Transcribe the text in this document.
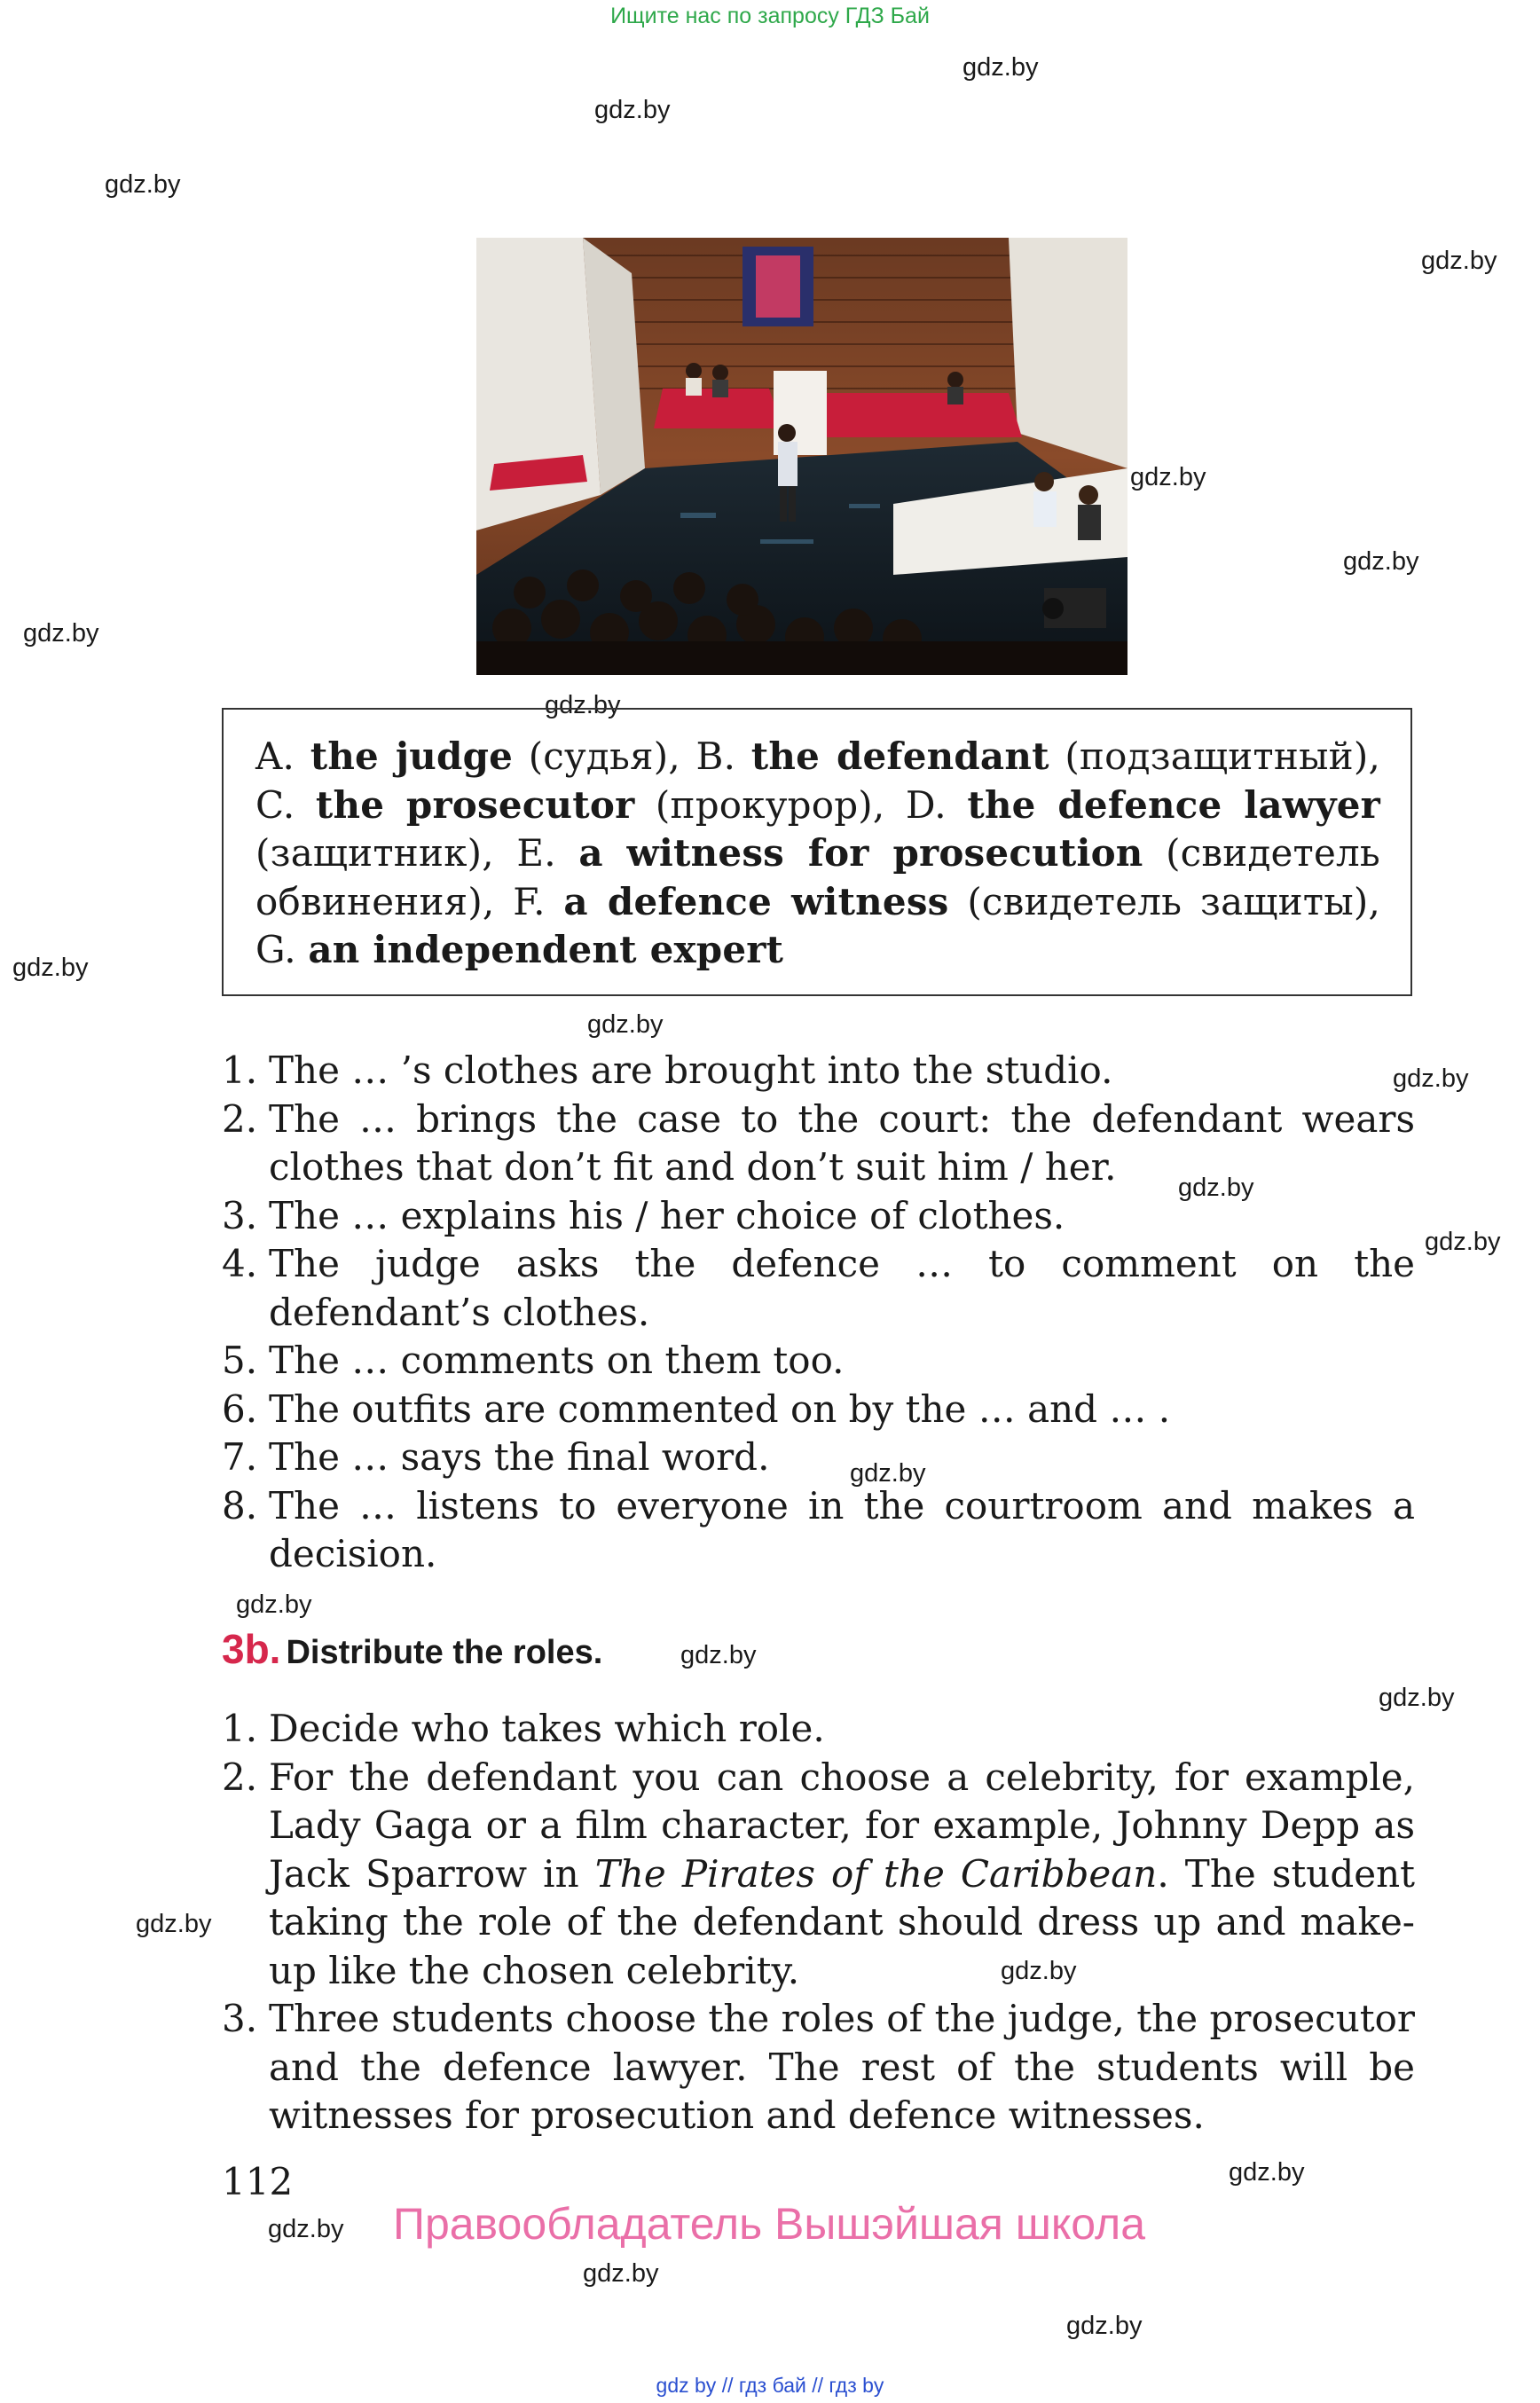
Ищите нас по запросу ГДЗ Бай
gdz.by
gdz.by
gdz.by
gdz.by
gdz.by
gdz.by
gdz.by
gdz.by
gdz.by
gdz.by
gdz.by
gdz.by
gdz.by
gdz.by
gdz.by
gdz.by
gdz.by
gdz.by
gdz.by
gdz.by
gdz.by
gdz.by
gdz.by

A. the judge (судья), B. the defendant (подзащитный), C. the prosecutor (прокурор), D. the defence lawyer (защитник), E. a witness for prosecution (свидетель обвинения), F. a defence witness (свидетель защиты), G. an independent expert

1. The … ’s clothes are brought into the studio.
2. The … brings the case to the court: the defendant wears clothes that don’t fit and don’t suit him / her.
3. The … explains his / her choice of clothes.
4. The judge asks the defence … to comment on the defendant’s clothes.
5. The … comments on them too.
6. The outfits are commented on by the … and … .
7. The … says the final word.
8. The … listens to everyone in the courtroom and makes a decision.
3b. Distribute the roles.
1. Decide who takes which role.
2. For the defendant you can choose a celebrity, for example, Lady Gaga or a film character, for example, Johnny Depp as Jack Sparrow in The Pirates of the Caribbean. The student taking the role of the defendant should dress up and make-up like the chosen celebrity.
3. Three students choose the roles of the judge, the prosecutor and the defence lawyer. The rest of the students will be witnesses for prosecution and defence witnesses.
112
Правообладатель Вышэйшая школа
gdz by // гдз бай // гдз by
